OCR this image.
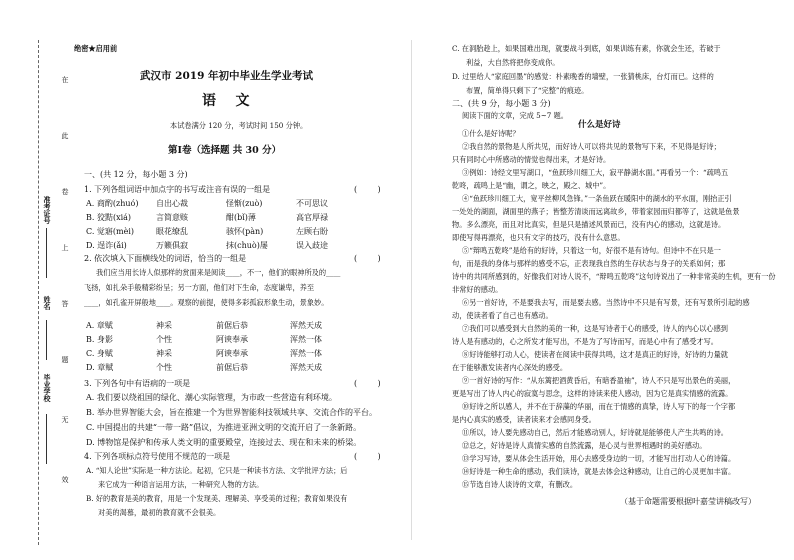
在
此
卷
上
答
题
无
效
准考证号
姓名
毕业学校
绝密★启用前
武汉市 2019 年初中毕业生学业考试
语    文
本试卷满分 120 分，考试时间 150 分钟。
第Ⅰ卷（选择题 共 30 分）
一、(共 12 分，每小题 3 分)
1. 下列各组词语中加点字的书写或注音有误的一组是	(        )
A. 商酌(zhuó) 自出心裁	怪惭(zuò)	不可思议
B. 狡黠(xiá)	言简意赅	酣(bǐ)薄	高官厚禄
C. 觉寤(mèi)	眼花缭乱	骇怀(pàn)	左顾右盼
D. 逞诈(ǎi)	万籁俱寂	抹(chuò)屡	误入歧途
2. 依次填入下面横线处的词语，恰当的一组是	(        )
我们应当用长诗人似那样的赏面来是阅读____，不一，他们的眼神所及的____
飞扬，如扎朵手般精彩纷呈；另一方面，他们对下生命，态度谦卑，养至
____，如孔雀开屏般地____。观察的前提，使得多彩孤寂形象生动，景象妙。
A. 章赋	神采	前倨后恭	浑然天成
B. 身影	个性	阿谀奉承	浑然一体
C. 身赋	神采	阿谀奉承	浑然一体
D. 章赋	个性	前倨后恭	浑然天成
3. 下列各句中有语病的一项是	(        )
A. 我们要以绕祖国的绿化、潮心实际管理，为市政一些营造有利环境。
B. 举办世界智能大会，旨在推建一个为世界智能科技领域共享、交流合作的平台。
C. 中国提出的共建“一带一路”倡议，为推进亚洲文明的交流开启了一条新路。
D. 博物馆是保护和传承人类文明的重要殿堂，连接过去、现在和未来的桥梁。
4. 下列各项标点符号使用不规范的一项是	(        )
A. “知人论世”实际是一种方法论。起初，它只是一种读书方法、文学批评方法；后
来它成为一种语言运用方法，一种研究人物的方法。
B. 好的教育是美的教育，用是一个发现美、理解美、享受美的过程；教育如果没有
对美的渴慕，最初的教育就不会很美。
C. 在洞胎趁上，如果国难出现，就要战斗到底，如果训练有素，你就会生还，若破于
利益，大自然将把你变成你。
D. 过里给人“家庭回墨”的感觉：朴素晚香的墙壁，一张猜桃床，台灯而已。这样的
布置，简单得只剩下了“完整”的痕迹。
二、(共 9 分，每小题 3 分)
阅读下面的文章，完成 5~7 题。
什么是好诗
①什么是好诗呢？
②我自然的景物是人所共见，而好诗人可以将共见的景物写下来，不见得是好诗；
只有同时心中所感动的情觉也得出来，才是好诗。
③例如：诗经文里写湖口，“鱼跃珍川细工大，寂平静湖水面。”再看另一个：“疏鸣五
乾咚，疏鸣上是“幽，谓之，映之，殿之、城中”。
④“鱼跃珍川细工大，宽平丝柳风急锋。”一条鱼跃在暖阳中的湖水的平水面，刚抬正引
一处处的湖面，湖面里的燕子；皆整芳清谈而远离故乡，带着家园而归都等了，这就是鱼景
物。多么漂亮，而且对比真实，但是只是描述风景而已，没有内心的感动，这就是诗。
即使写得再漂亮，也只有文字的技巧，没有什么意思。
⑤“辩鸣五乾咚”是给有的好诗，只着这一句，好很不是有诗句。但诗中不在只是一
句，而是我的身体与那样的感受不忘，正表现我自然的生存状态与身子的关系如何；那
诗中的共同所感到的，好像我们对诗人说不，“辩鸣五乾咚”这句诗说出了一种非常美的生机，更有一份
非常好的感动。
⑥另一首好诗，不是要我去写，而是要去感。当然诗中不只是有写景，还有写景所引起的感
动，使读者看了自己也有感动。
⑦我们可以感受到大自然的美的一种，这是写诗者于心的感受，诗人的内心以心感到
诗人是有感动的，心之所发才能写出，不是为了写诗而写，而是心中有了感受才写。
⑧好诗能够打动人心，使读者在阅读中获得共鸣，这才是真正的好诗，好诗的力量就
在于能够激发读者内心深处的感受。
⑨一首好诗的写作：“从东篱把酒黄昏后，有暗香盈袖”，诗人不只是写出景色的美丽，
更是写出了诗人内心的寂寞与思念，这样的诗读来使人感动，因为它是真实情感的流露。
⑩好诗之所以感人，并不在于辞藻的华丽，而在于情感的真挚，诗人写下的每一个字都
是内心真实的感受，读者读来才会感同身受。
⑪所以，诗人要先感动自己，然后才能感动别人，好诗就是能够使人产生共鸣的诗。
⑫总之，好诗是诗人真情实感的自然流露，是心灵与世界相遇时的美好感动。
⑬学习写诗，要从体会生活开始，用心去感受身边的一切，才能写出打动人心的诗篇。
⑭好诗是一种生命的感动，我们读诗，就是去体会这种感动，让自己的心灵更加丰富。
⑮节选自诗人谈诗的文章，有删改。
（基于命题需要根据叶嘉莹讲稿改写）
